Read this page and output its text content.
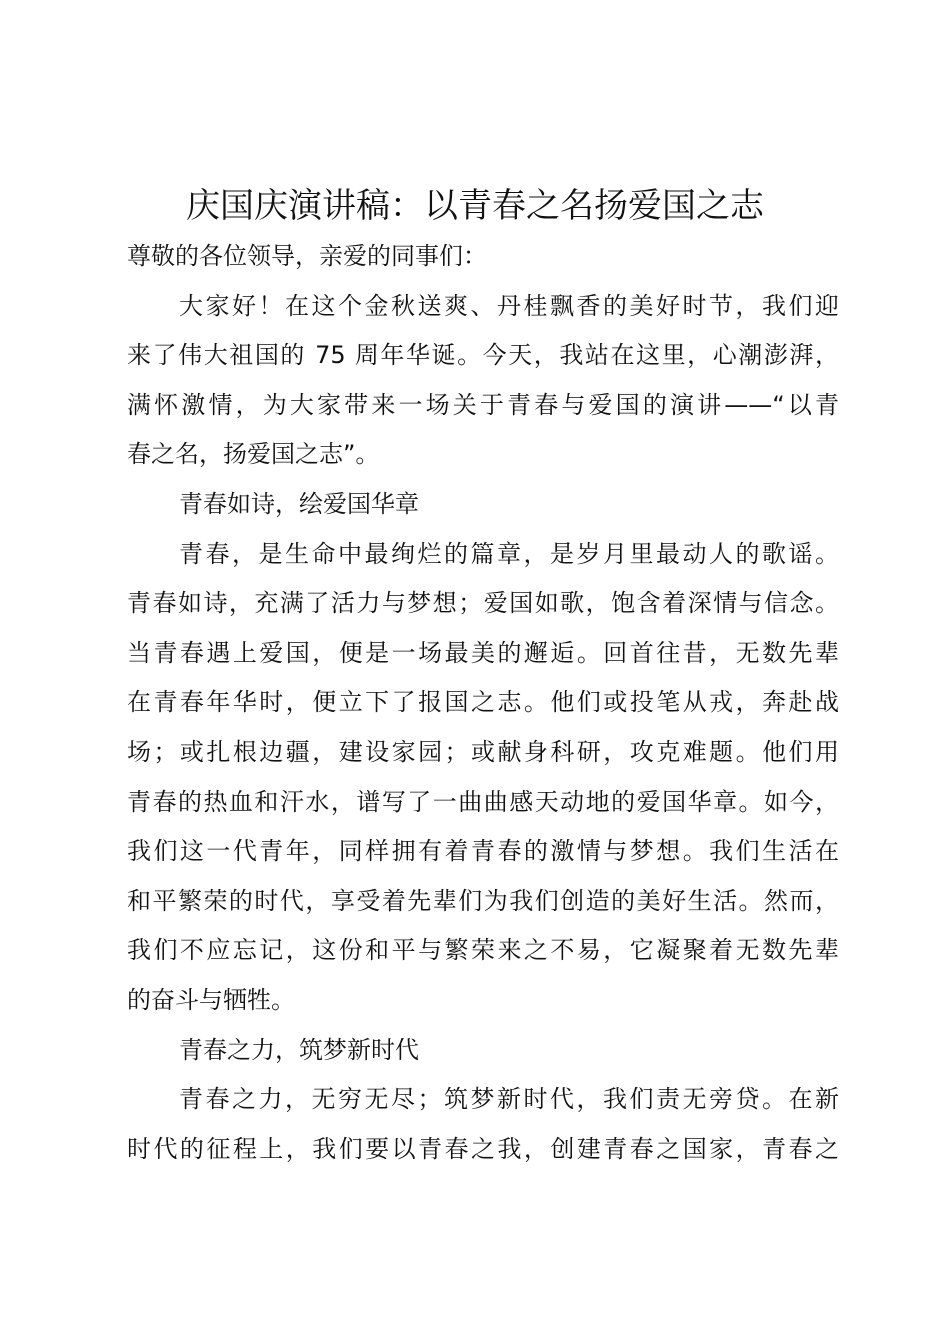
庆国庆演讲稿：以青春之名扬爱国之志

尊敬的各位领导，亲爱的同事们：

大家好！在这个金秋送爽、丹桂飘香的美好时节，我们迎
来了伟大祖国的 75 周年华诞。今天，我站在这里，心潮澎湃，
满怀激情，为大家带来一场关于青春与爱国的演讲——“以青
春之名，扬爱国之志”。

青春如诗，绘爱国华章

青春，是生命中最绚烂的篇章，是岁月里最动人的歌谣。
青春如诗，充满了活力与梦想；爱国如歌，饱含着深情与信念。
当青春遇上爱国，便是一场最美的邂逅。回首往昔，无数先辈
在青春年华时，便立下了报国之志。他们或投笔从戎，奔赴战
场；或扎根边疆，建设家园；或献身科研，攻克难题。他们用
青春的热血和汗水，谱写了一曲曲感天动地的爱国华章。如今，
我们这一代青年，同样拥有着青春的激情与梦想。我们生活在
和平繁荣的时代，享受着先辈们为我们创造的美好生活。然而，
我们不应忘记，这份和平与繁荣来之不易，它凝聚着无数先辈
的奋斗与牺牲。

青春之力，筑梦新时代

青春之力，无穷无尽；筑梦新时代，我们责无旁贷。在新
时代的征程上，我们要以青春之我，创建青春之国家，青春之
